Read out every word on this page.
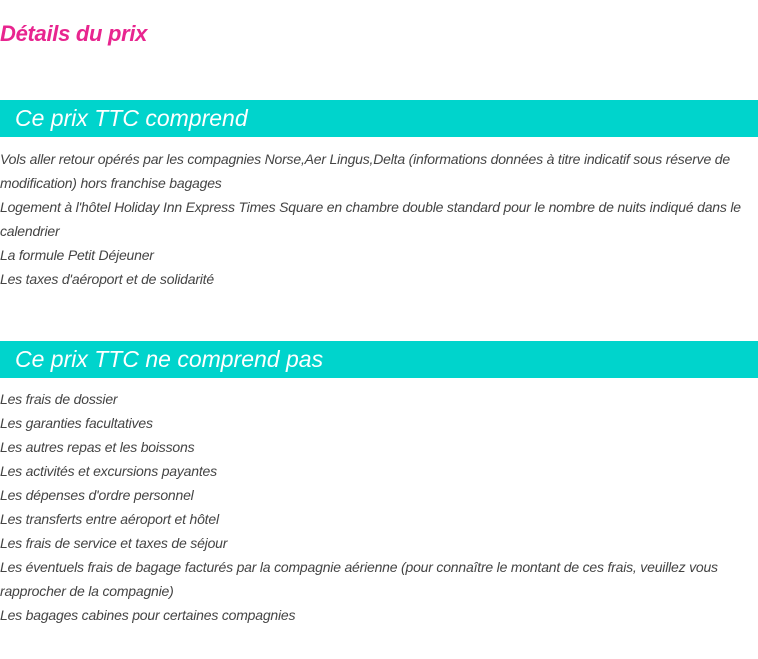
Détails du prix
Ce prix TTC comprend
Vols aller retour opérés par les compagnies Norse,Aer Lingus,Delta (informations données à titre indicatif sous réserve de modification) hors franchise bagages
Logement à l'hôtel Holiday Inn Express Times Square en chambre double standard pour le nombre de nuits indiqué dans le calendrier
La formule Petit Déjeuner
Les taxes d'aéroport et de solidarité
Ce prix TTC ne comprend pas
Les frais de dossier
Les garanties facultatives
Les autres repas et les boissons
Les activités et excursions payantes
Les dépenses d'ordre personnel
Les transferts entre aéroport et hôtel
Les frais de service et taxes de séjour
Les éventuels frais de bagage facturés par la compagnie aérienne (pour connaître le montant de ces frais, veuillez vous rapprocher de la compagnie)
Les bagages cabines pour certaines compagnies
